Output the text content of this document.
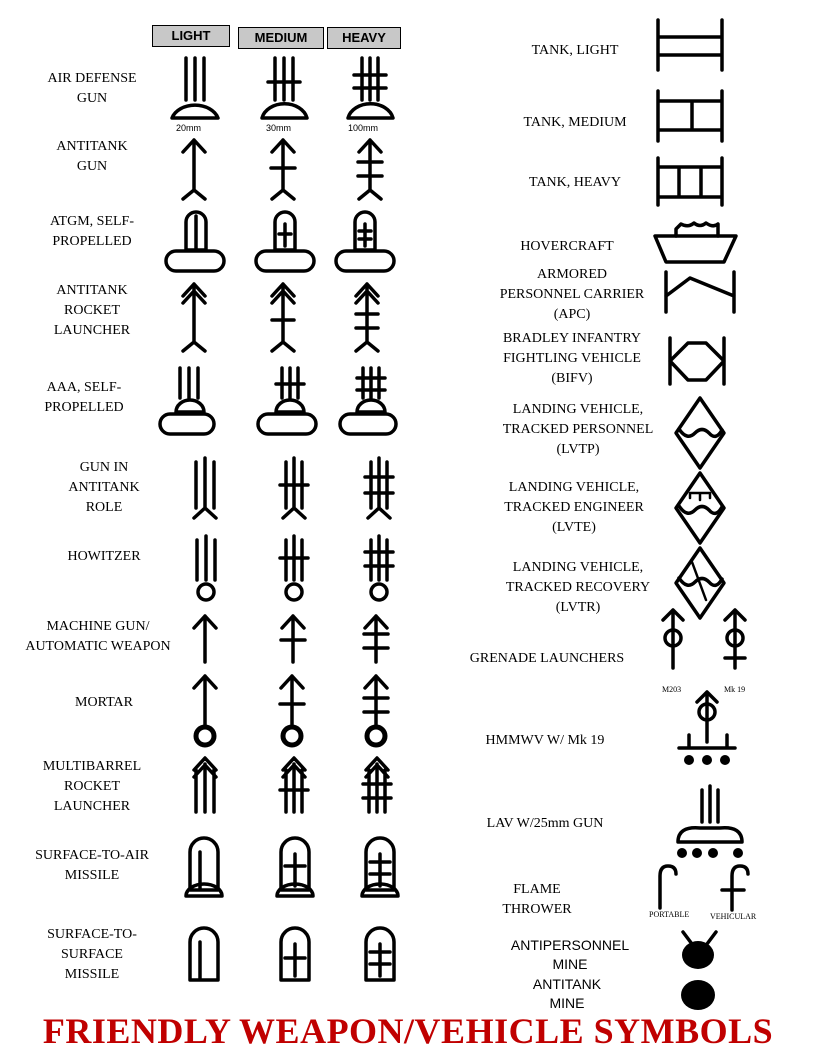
LIGHT	MEDIUM	HEAVY
20mm	30mm	100mm
AIR DEFENSE
GUN
ANTITANK
GUN
ATGM, SELF-
PROPELLED
ANTITANK
ROCKET
LAUNCHER
AAA, SELF-
PROPELLED
GUN IN
ANTITANK
ROLE
HOWITZER
MACHINE GUN/
AUTOMATIC WEAPON
MORTAR
MULTIBARREL
ROCKET
LAUNCHER
SURFACE-TO-AIR
MISSILE
SURFACE-TO-
SURFACE
MISSILE
TANK, LIGHT
TANK, MEDIUM
TANK, HEAVY
HOVERCRAFT
ARMORED
PERSONNEL CARRIER
(APC)
BRADLEY INFANTRY
FIGHTLING VEHICLE
(BIFV)
LANDING VEHICLE,
TRACKED PERSONNEL
(LVTP)
LANDING VEHICLE,
TRACKED ENGINEER
(LVTE)
LANDING VEHICLE,
TRACKED RECOVERY
(LVTR)
GRENADE LAUNCHERS
HMMWV W/ Mk 19
LAV W/25mm GUN
FLAME
THROWER
ANTIPERSONNEL
MINE
ANTITANK
MINE
M203	Mk 19
PORTABLE	VEHICULAR
FRIENDLY WEAPON/VEHICLE SYMBOLS
